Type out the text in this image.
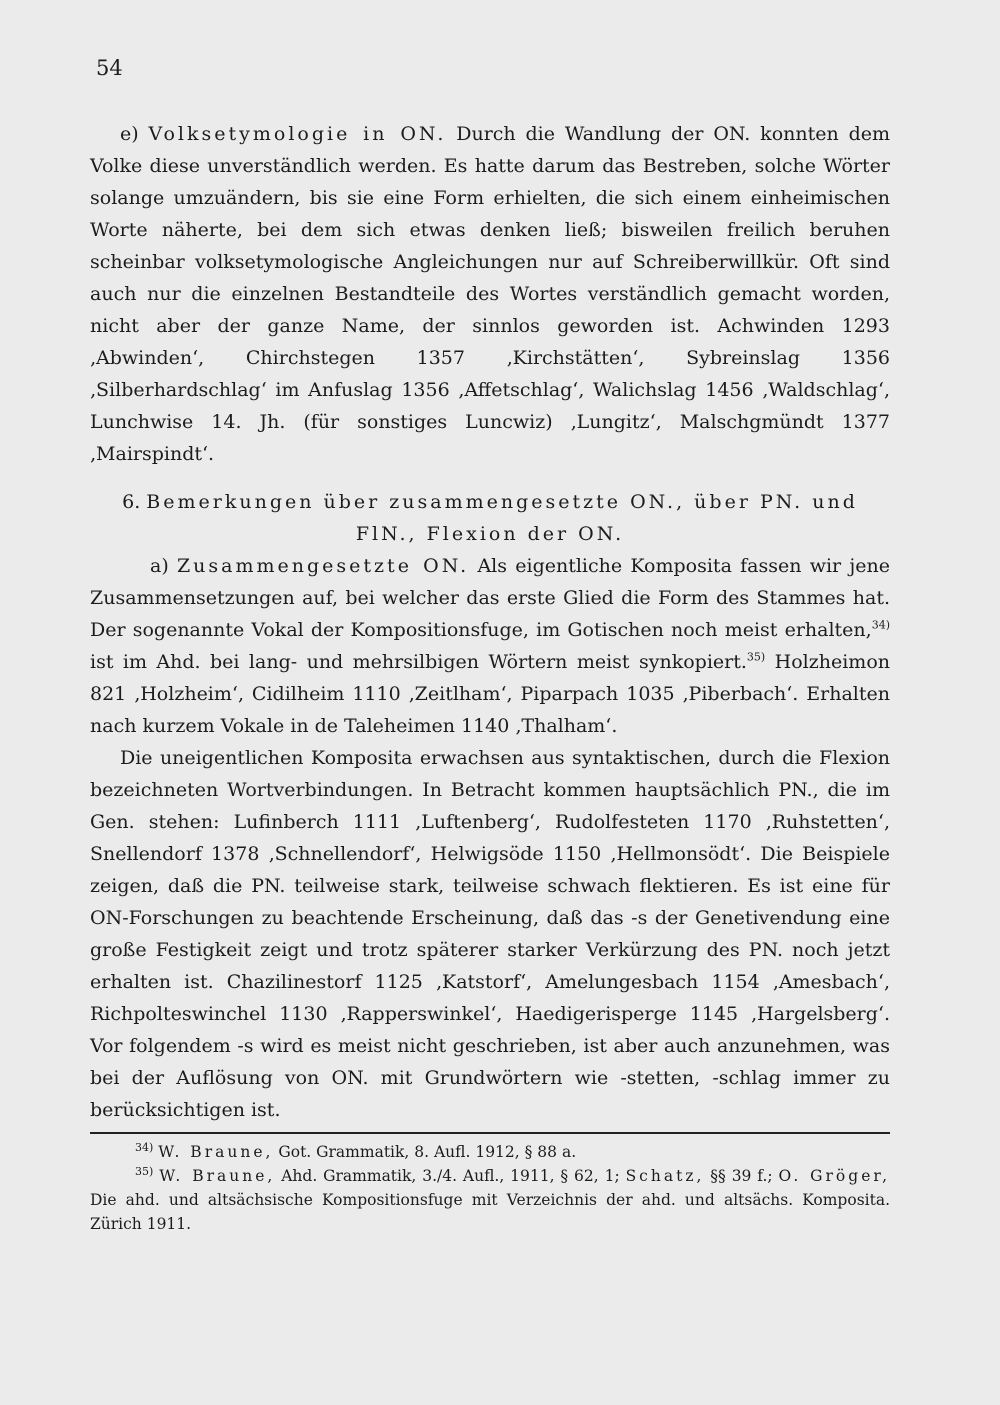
54

e) Volksetymologie in ON. Durch die Wandlung der ON. konnten dem Volke diese unverständlich werden. Es hatte darum das Bestreben, solche Wörter solange umzuändern, bis sie eine Form erhielten, die sich einem einheimischen Worte näherte, bei dem sich etwas denken ließ; bisweilen freilich beruhen scheinbar volksetymologische Angleichungen nur auf Schreiberwillkür. Oft sind auch nur die einzelnen Bestandteile des Wortes verständlich gemacht worden, nicht aber der ganze Name, der sinnlos geworden ist. Achwinden 1293 ‚Abwinden‘, Chirchstegen 1357 ‚Kirchstätten‘, Sybreinslag 1356 ‚Silberhardschlag‘ im Anfuslag 1356 ‚Affetschlag‘, Walichslag 1456 ‚Waldschlag‘, Lunchwise 14. Jh. (für sonstiges Luncwiz) ‚Lungitz‘, Malschgmündt 1377 ‚Mairspindt‘.

6. Bemerkungen über zusammengesetzte ON., über PN. und FlN., Flexion der ON.

a) Zusammengesetzte ON. Als eigentliche Komposita fassen wir jene Zusammensetzungen auf, bei welcher das erste Glied die Form des Stammes hat. Der sogenannte Vokal der Kompositionsfuge, im Gotischen noch meist erhalten,$^{34)}$ ist im Ahd. bei lang- und mehrsilbigen Wörtern meist synkopiert.$^{35)}$ Holzheimon 821 ‚Holzheim‘, Cidilheim 1110 ‚Zeitlham‘, Piparpach 1035 ‚Piberbach‘. Erhalten nach kurzem Vokale in de Taleheimen 1140 ‚Thalham‘.

Die uneigentlichen Komposita erwachsen aus syntaktischen, durch die Flexion bezeichneten Wortverbindungen. In Betracht kommen hauptsächlich PN., die im Gen. stehen: Lufinberch 1111 ‚Luftenberg‘, Rudolfesteten 1170 ‚Ruhstetten‘, Snellendorf 1378 ‚Schnellendorf‘, Helwigsöde 1150 ‚Hellmonsödt‘. Die Beispiele zeigen, daß die PN. teilweise stark, teilweise schwach flektieren. Es ist eine für ON-Forschungen zu beachtende Erscheinung, daß das -s der Genetivendung eine große Festigkeit zeigt und trotz späterer starker Verkürzung des PN. noch jetzt erhalten ist. Chazilinestorf 1125 ‚Katstorf‘, Amelungesbach 1154 ‚Amesbach‘, Richpolteswinchel 1130 ‚Rapperswinkel‘, Haedigerisperge 1145 ‚Hargelsberg‘. Vor folgendem -s wird es meist nicht geschrieben, ist aber auch anzunehmen, was bei der Auflösung von ON. mit Grundwörtern wie -stetten, -schlag immer zu berücksichtigen ist.

$^{34)}$ W. Braune, Got. Grammatik, 8. Aufl. 1912, § 88 a.

$^{35)}$ W. Braune, Ahd. Grammatik, 3./4. Aufl., 1911, § 62, 1; Schatz, §§ 39 f.; O. Gröger, Die ahd. und altsächsische Kompositionsfuge mit Verzeichnis der ahd. und altsächs. Komposita. Zürich 1911.
